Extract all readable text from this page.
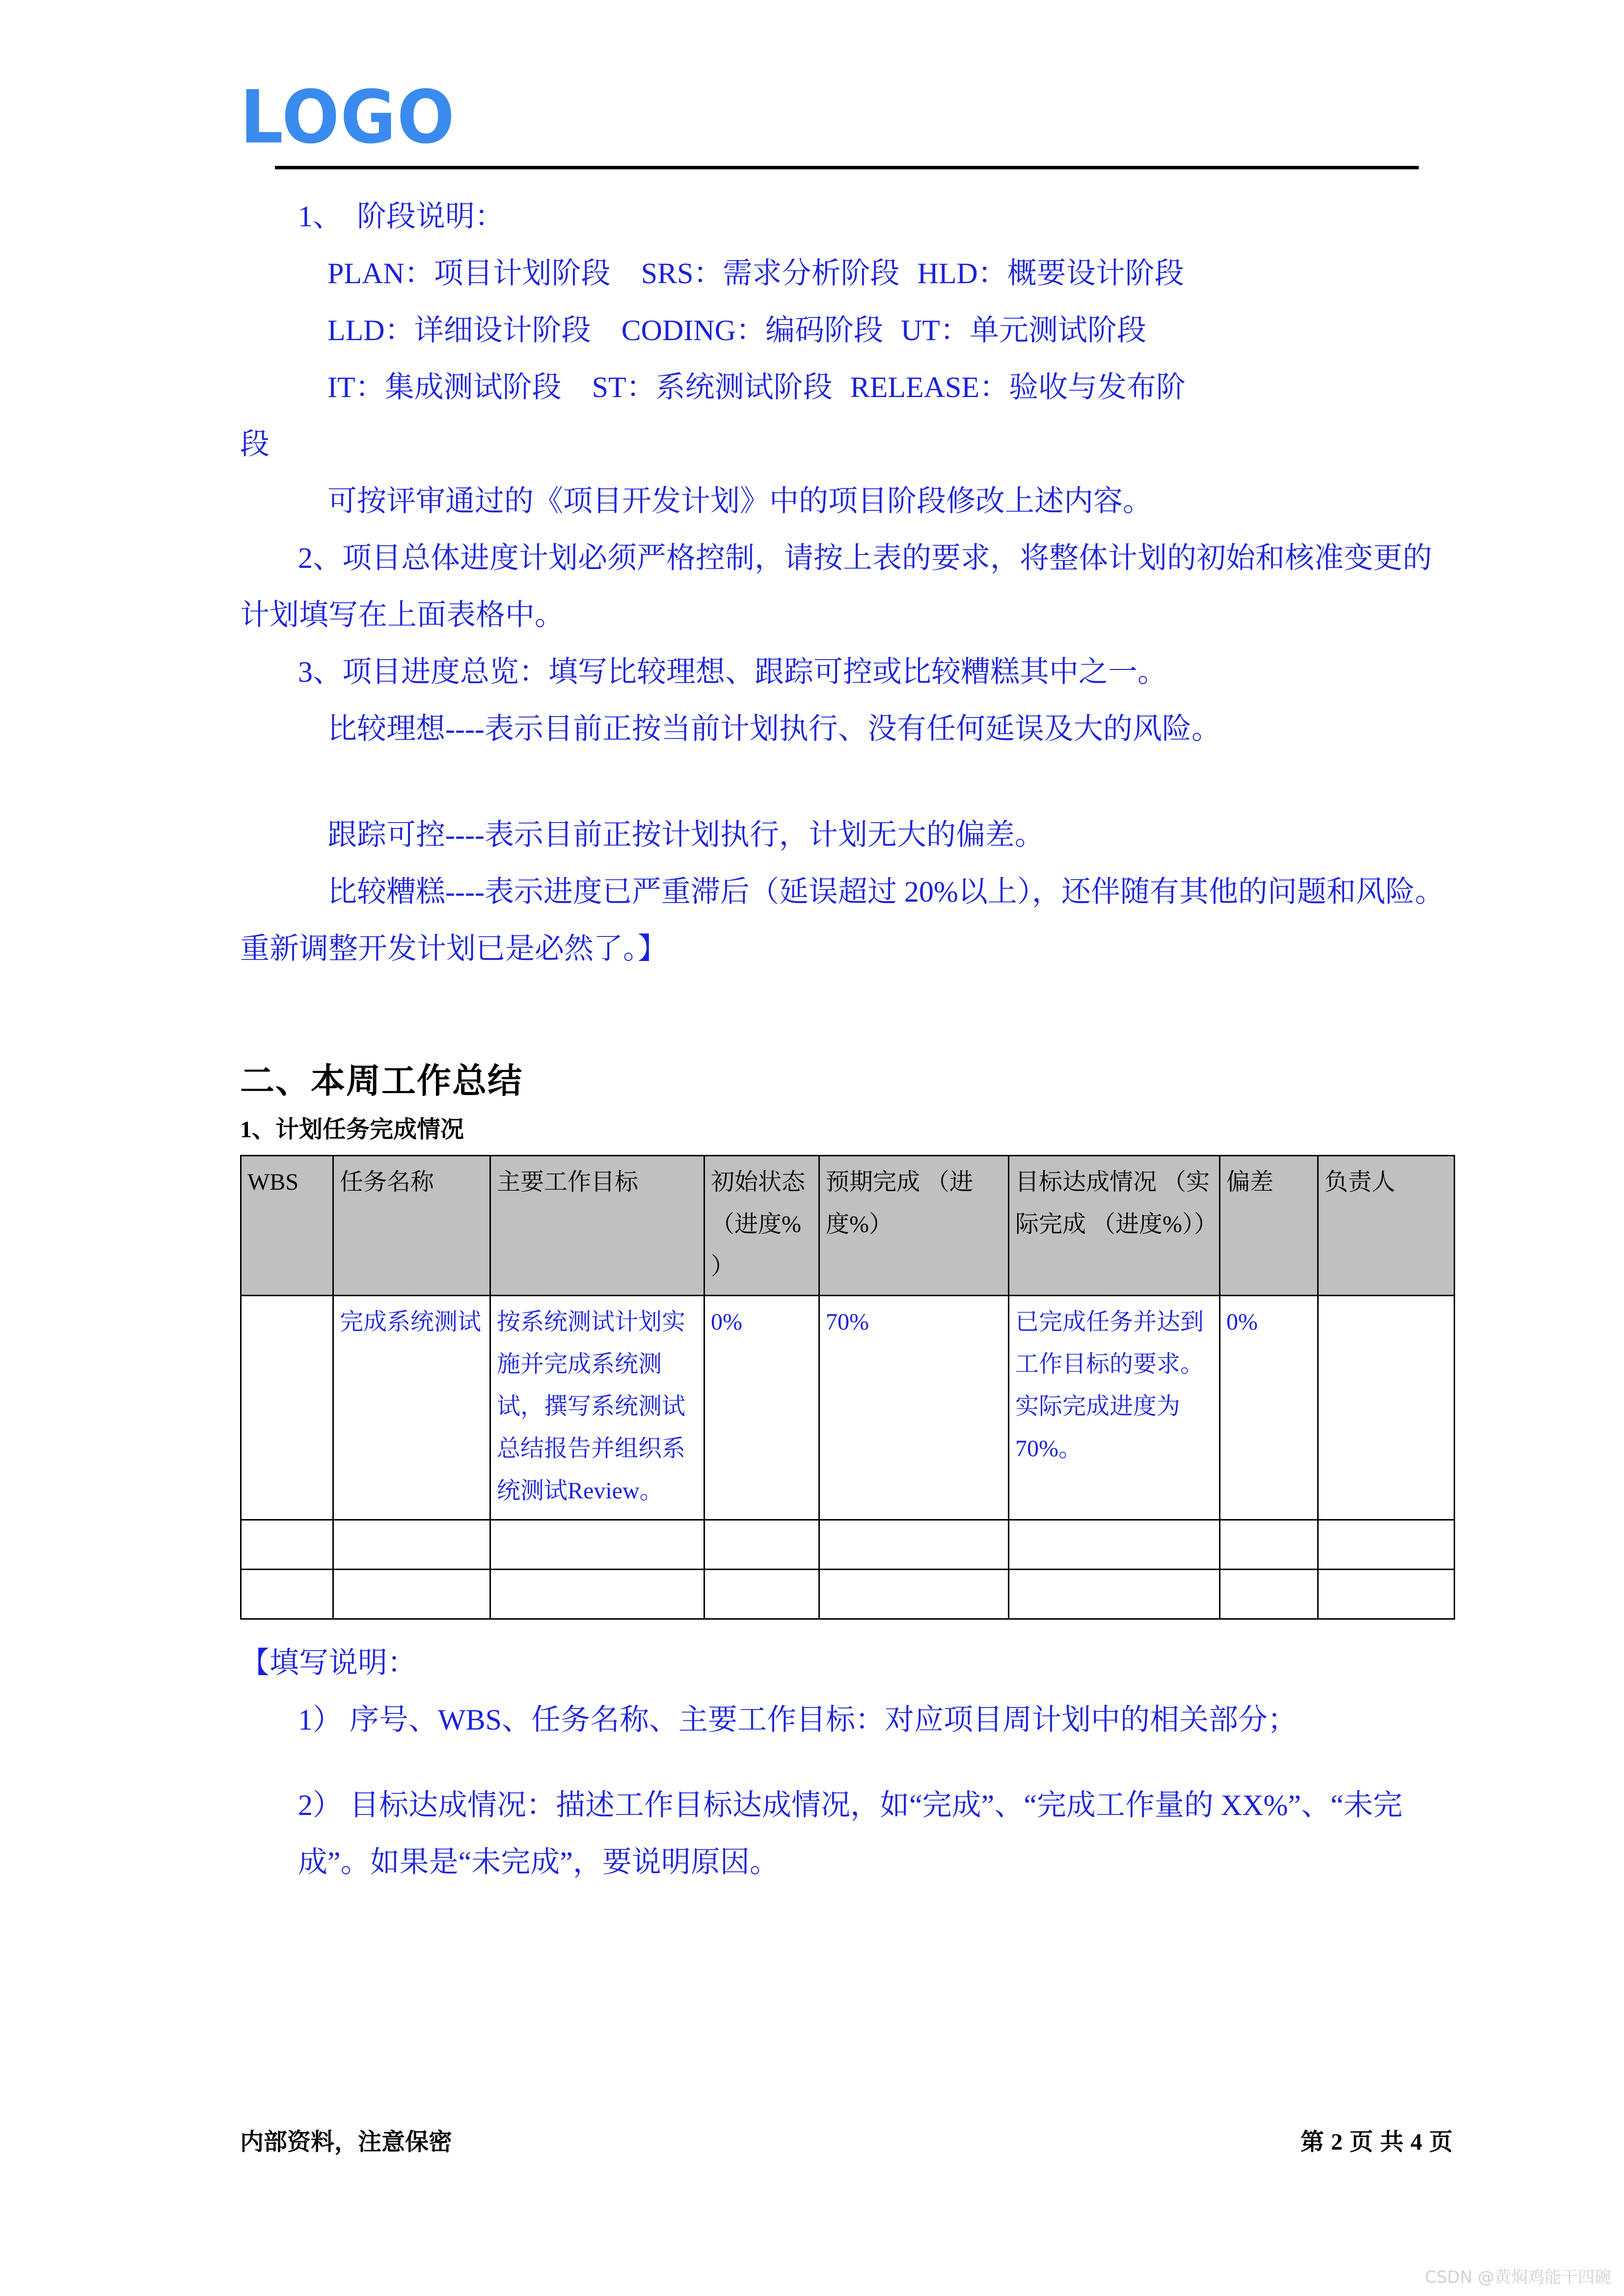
LOGO

1、  阶段说明：

PLAN：项目计划阶段 SRS：需求分析阶段 HLD：概要设计阶段

LLD：详细设计阶段 CODING：编码阶段 UT：单元测试阶段

IT：集成测试阶段 ST：系统测试阶段 RELEASE：验收与发布阶

段

可按评审通过的《项目开发计划》中的项目阶段修改上述内容。

2、项目总体进度计划必须严格控制，请按上表的要求，将整体计划的初始和核准变更的计划填写在上面表格中。

3、项目进度总览：填写比较理想、跟踪可控或比较糟糕其中之一。

比较理想----表示目前正按当前计划执行、没有任何延误及大的风险。

跟踪可控----表示目前正按计划执行，计划无大的偏差。

比较糟糕----表示进度已严重滞后（延误超过 20%以上），还伴随有其他的问题和风险。重新调整开发计划已是必然了。】

二、本周工作总结
1、计划任务完成情况
WBS	任务名称	主要工作目标	初始状态 （进度% ）	预期完成 （进度%）	目标达成情况 （实际完成 （进度%））	偏差	负责人
	完成系统测试	按系统测试计划实施并完成系统测试，撰写系统测试总结报告并组织系统测试Review。	0%	70%	已完成任务并达到工作目标的要求。实际完成进度为70%。	0%	

【填写说明：

1） 序号、WBS、任务名称、主要工作目标：对应项目周计划中的相关部分；

2） 目标达成情况：描述工作目标达成情况，如“完成”、“完成工作量的 XX%”、“未完成”。如果是“未完成”，要说明原因。

内部资料，注意保密	第 2 页 共 4 页
CSDN @黄焖鸡能干四碗
